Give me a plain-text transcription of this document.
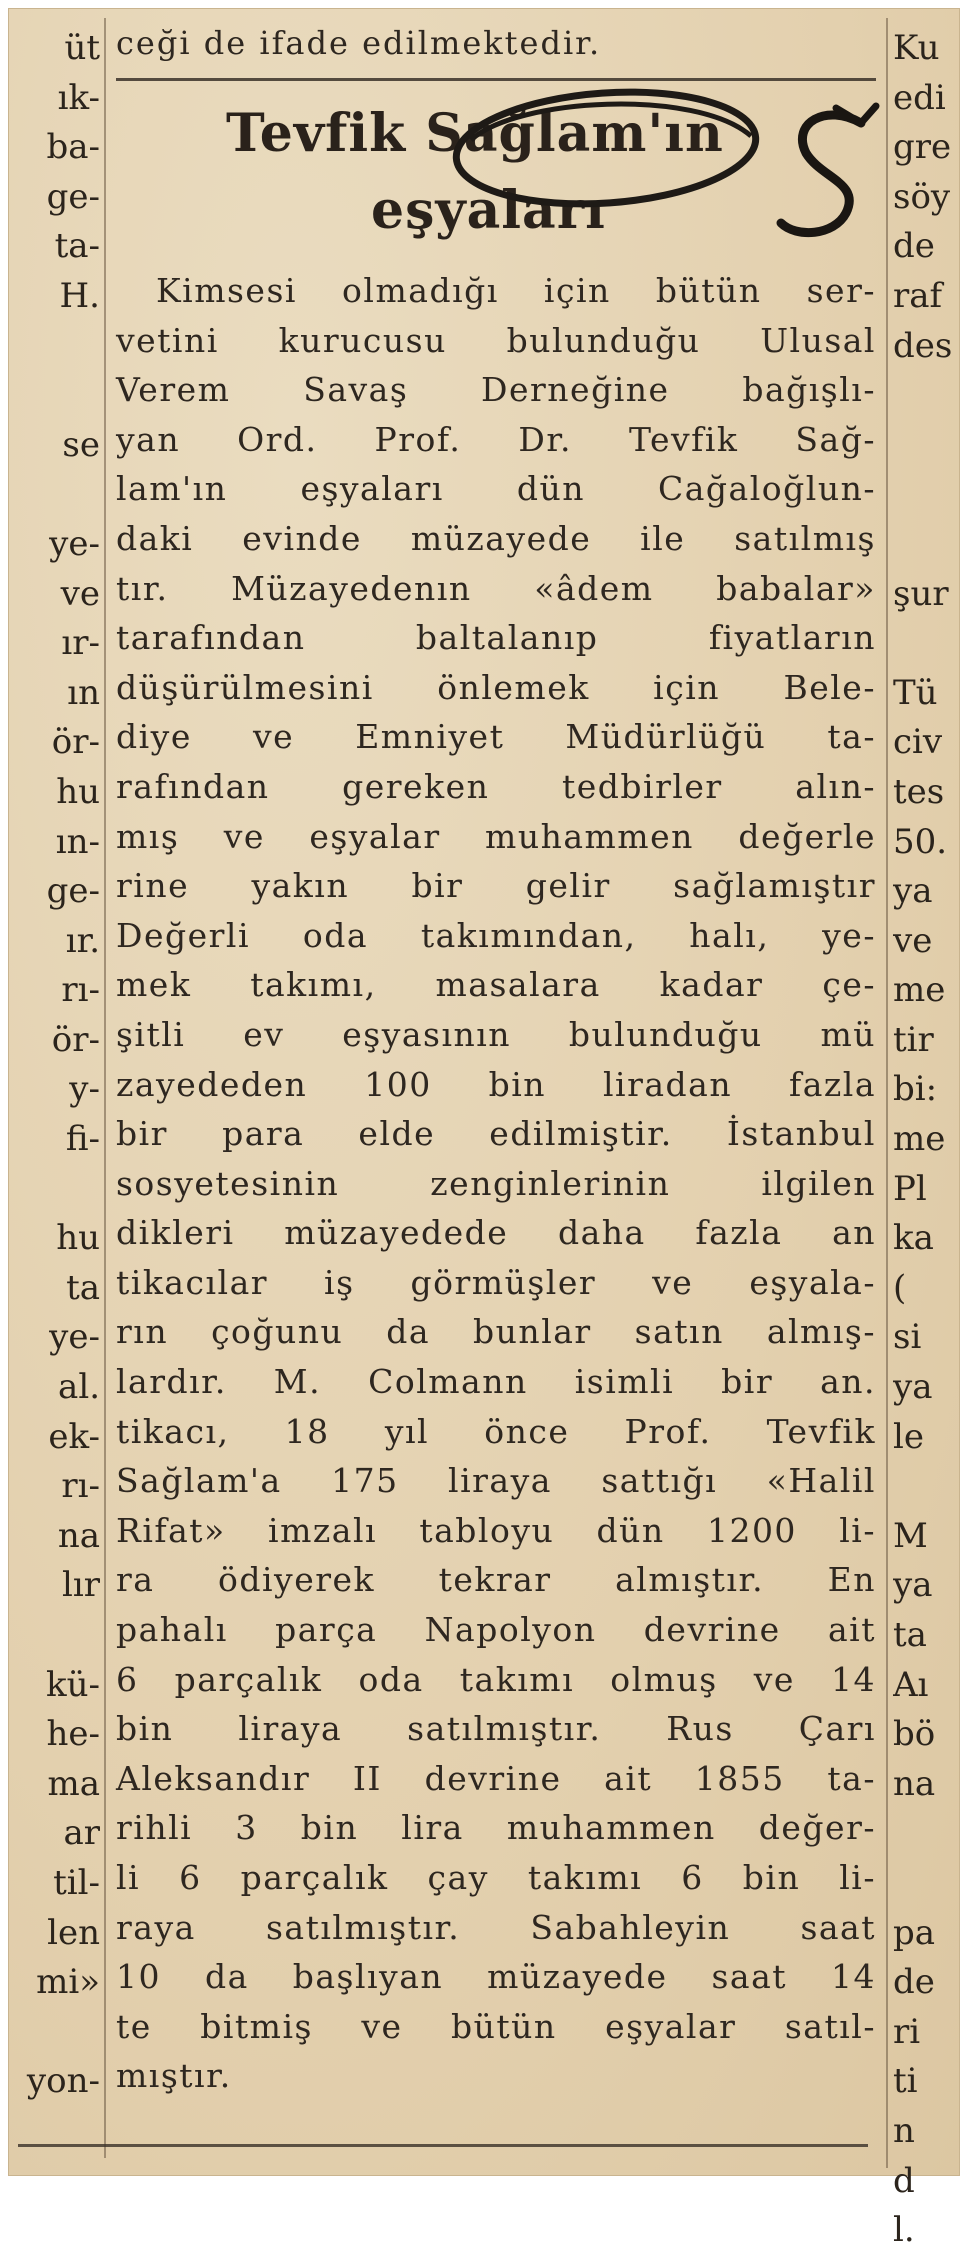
üt
ık-
ba-
ge-
ta-
H.
se
ye-
ve
ır-
ın
ör-
hu
ın-
ge-
ır.
rı-
ör-
y-
fi-
hu
ta
ye-
al.
ek-
rı-
na
lır
kü-
he-
ma
ar
til-
len
mi»
yon-
Ku
edi
gre
söy
de
raf
des
şur
Tü
civ
tes
50.
ya
ve
me
tir
bi:
me
Pl
ka
(
si
ya
le
M
ya
ta
Aı
bö
na
pa
de
ri
ti
n
d
l.
ceği de ifade edilmektedir.
Tevfik Sağlam'ın
eşyaları
Kimsesi olmadığı için bütün ser-
vetini kurucusu bulunduğu Ulusal
Verem Savaş Derneğine bağışlı-
yan Ord. Prof. Dr. Tevfik Sağ-
lam'ın eşyaları dün Cağaloğlun-
daki evinde müzayede ile satılmış
tır. Müzayedenın «âdem babalar»
tarafından baltalanıp fiyatların
düşürülmesini önlemek için Bele-
diye ve Emniyet Müdürlüğü ta-
rafından gereken tedbirler alın-
mış ve eşyalar muhammen değerle
rine yakın bir gelir sağlamıştır
Değerli oda takımından, halı, ye-
mek takımı, masalara kadar çe-
şitli ev eşyasının bulunduğu mü
zayededen 100 bin liradan fazla
bir para elde edilmiştir. İstanbul
sosyetesinin zenginlerinin ilgilen
dikleri müzayedede daha fazla an
tikacılar iş görmüşler ve eşyala-
rın çoğunu da bunlar satın almış-
lardır. M. Colmann isimli bir an.
tikacı, 18 yıl önce Prof. Tevfik
Sağlam'a 175 liraya sattığı «Halil
Rifat» imzalı tabloyu dün 1200 li-
ra ödiyerek tekrar almıştır. En
pahalı parça Napolyon devrine ait
6 parçalık oda takımı olmuş ve 14
bin liraya satılmıştır. Rus Çarı
Aleksandır II devrine ait 1855 ta-
rihli 3 bin lira muhammen değer-
li 6 parçalık çay takımı 6 bin li-
raya satılmıştır. Sabahleyin saat
10 da başlıyan müzayede saat 14
te bitmiş ve bütün eşyalar satıl-
mıştır.
